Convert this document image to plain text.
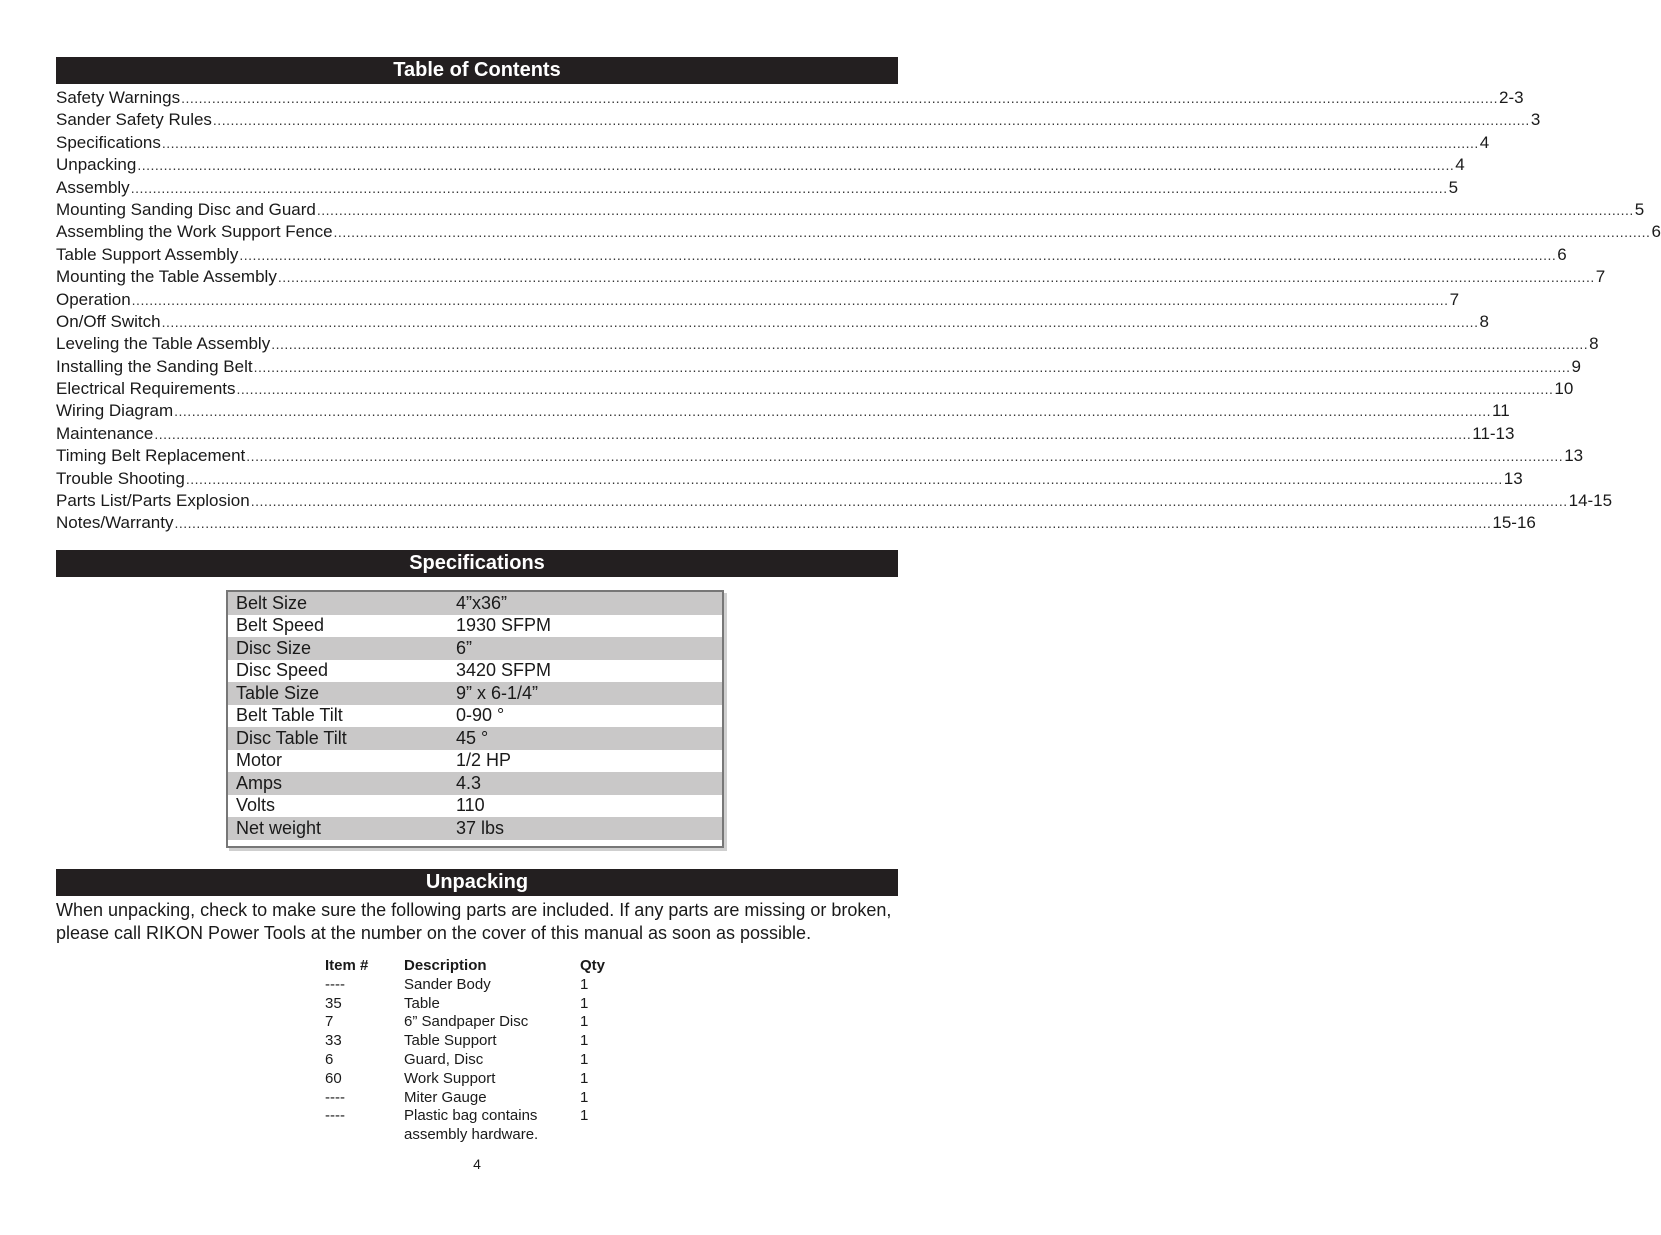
Table of Contents
Safety Warnings ............................................................................................................................................................................................................................................................................................................ 2-3
Sander Safety Rules ............................................................................................................................................................................................................................................................................................................ 3
Specifications ............................................................................................................................................................................................................................................................................................................ 4
Unpacking ............................................................................................................................................................................................................................................................................................................ 4
Assembly ............................................................................................................................................................................................................................................................................................................ 5
Mounting Sanding Disc and Guard ............................................................................................................................................................................................................................................................................................................ 5
Assembling the Work Support Fence ............................................................................................................................................................................................................................................................................................................ 6
Table Support Assembly ............................................................................................................................................................................................................................................................................................................ 6
Mounting the Table Assembly ............................................................................................................................................................................................................................................................................................................ 7
Operation ............................................................................................................................................................................................................................................................................................................ 7
On/Off Switch ............................................................................................................................................................................................................................................................................................................ 8
Leveling the Table Assembly ............................................................................................................................................................................................................................................................................................................ 8
Installing the Sanding Belt ............................................................................................................................................................................................................................................................................................................ 9
Electrical Requirements ............................................................................................................................................................................................................................................................................................................ 10
Wiring Diagram ............................................................................................................................................................................................................................................................................................................ 11
Maintenance ............................................................................................................................................................................................................................................................................................................ 11-13
Timing Belt Replacement ............................................................................................................................................................................................................................................................................................................ 13
Trouble Shooting ............................................................................................................................................................................................................................................................................................................ 13
Parts List/Parts Explosion ............................................................................................................................................................................................................................................................................................................ 14-15
Notes/Warranty ............................................................................................................................................................................................................................................................................................................ 15-16
Specifications
Belt Size	4”x36”
Belt Speed	1930 SFPM
Disc Size	6”
Disc Speed	3420 SFPM
Table Size	9” x 6-1/4”
Belt Table Tilt	0-90 °
Disc Table Tilt	45 °
Motor	1/2 HP
Amps	4.3
Volts	110
Net weight	37 lbs
Unpacking
When unpacking, check to make sure the following parts are included. If any parts are missing or broken, please call RIKON Power Tools at the number on the cover of this manual as soon as possible.
Item #	Description	Qty
----	Sander Body	1
35	Table	1
7	6” Sandpaper Disc	1
33	Table Support	1
6	Guard, Disc	1
60	Work Support	1
----	Miter Gauge	1
----	Plastic bag contains	1
assembly hardware.
4
